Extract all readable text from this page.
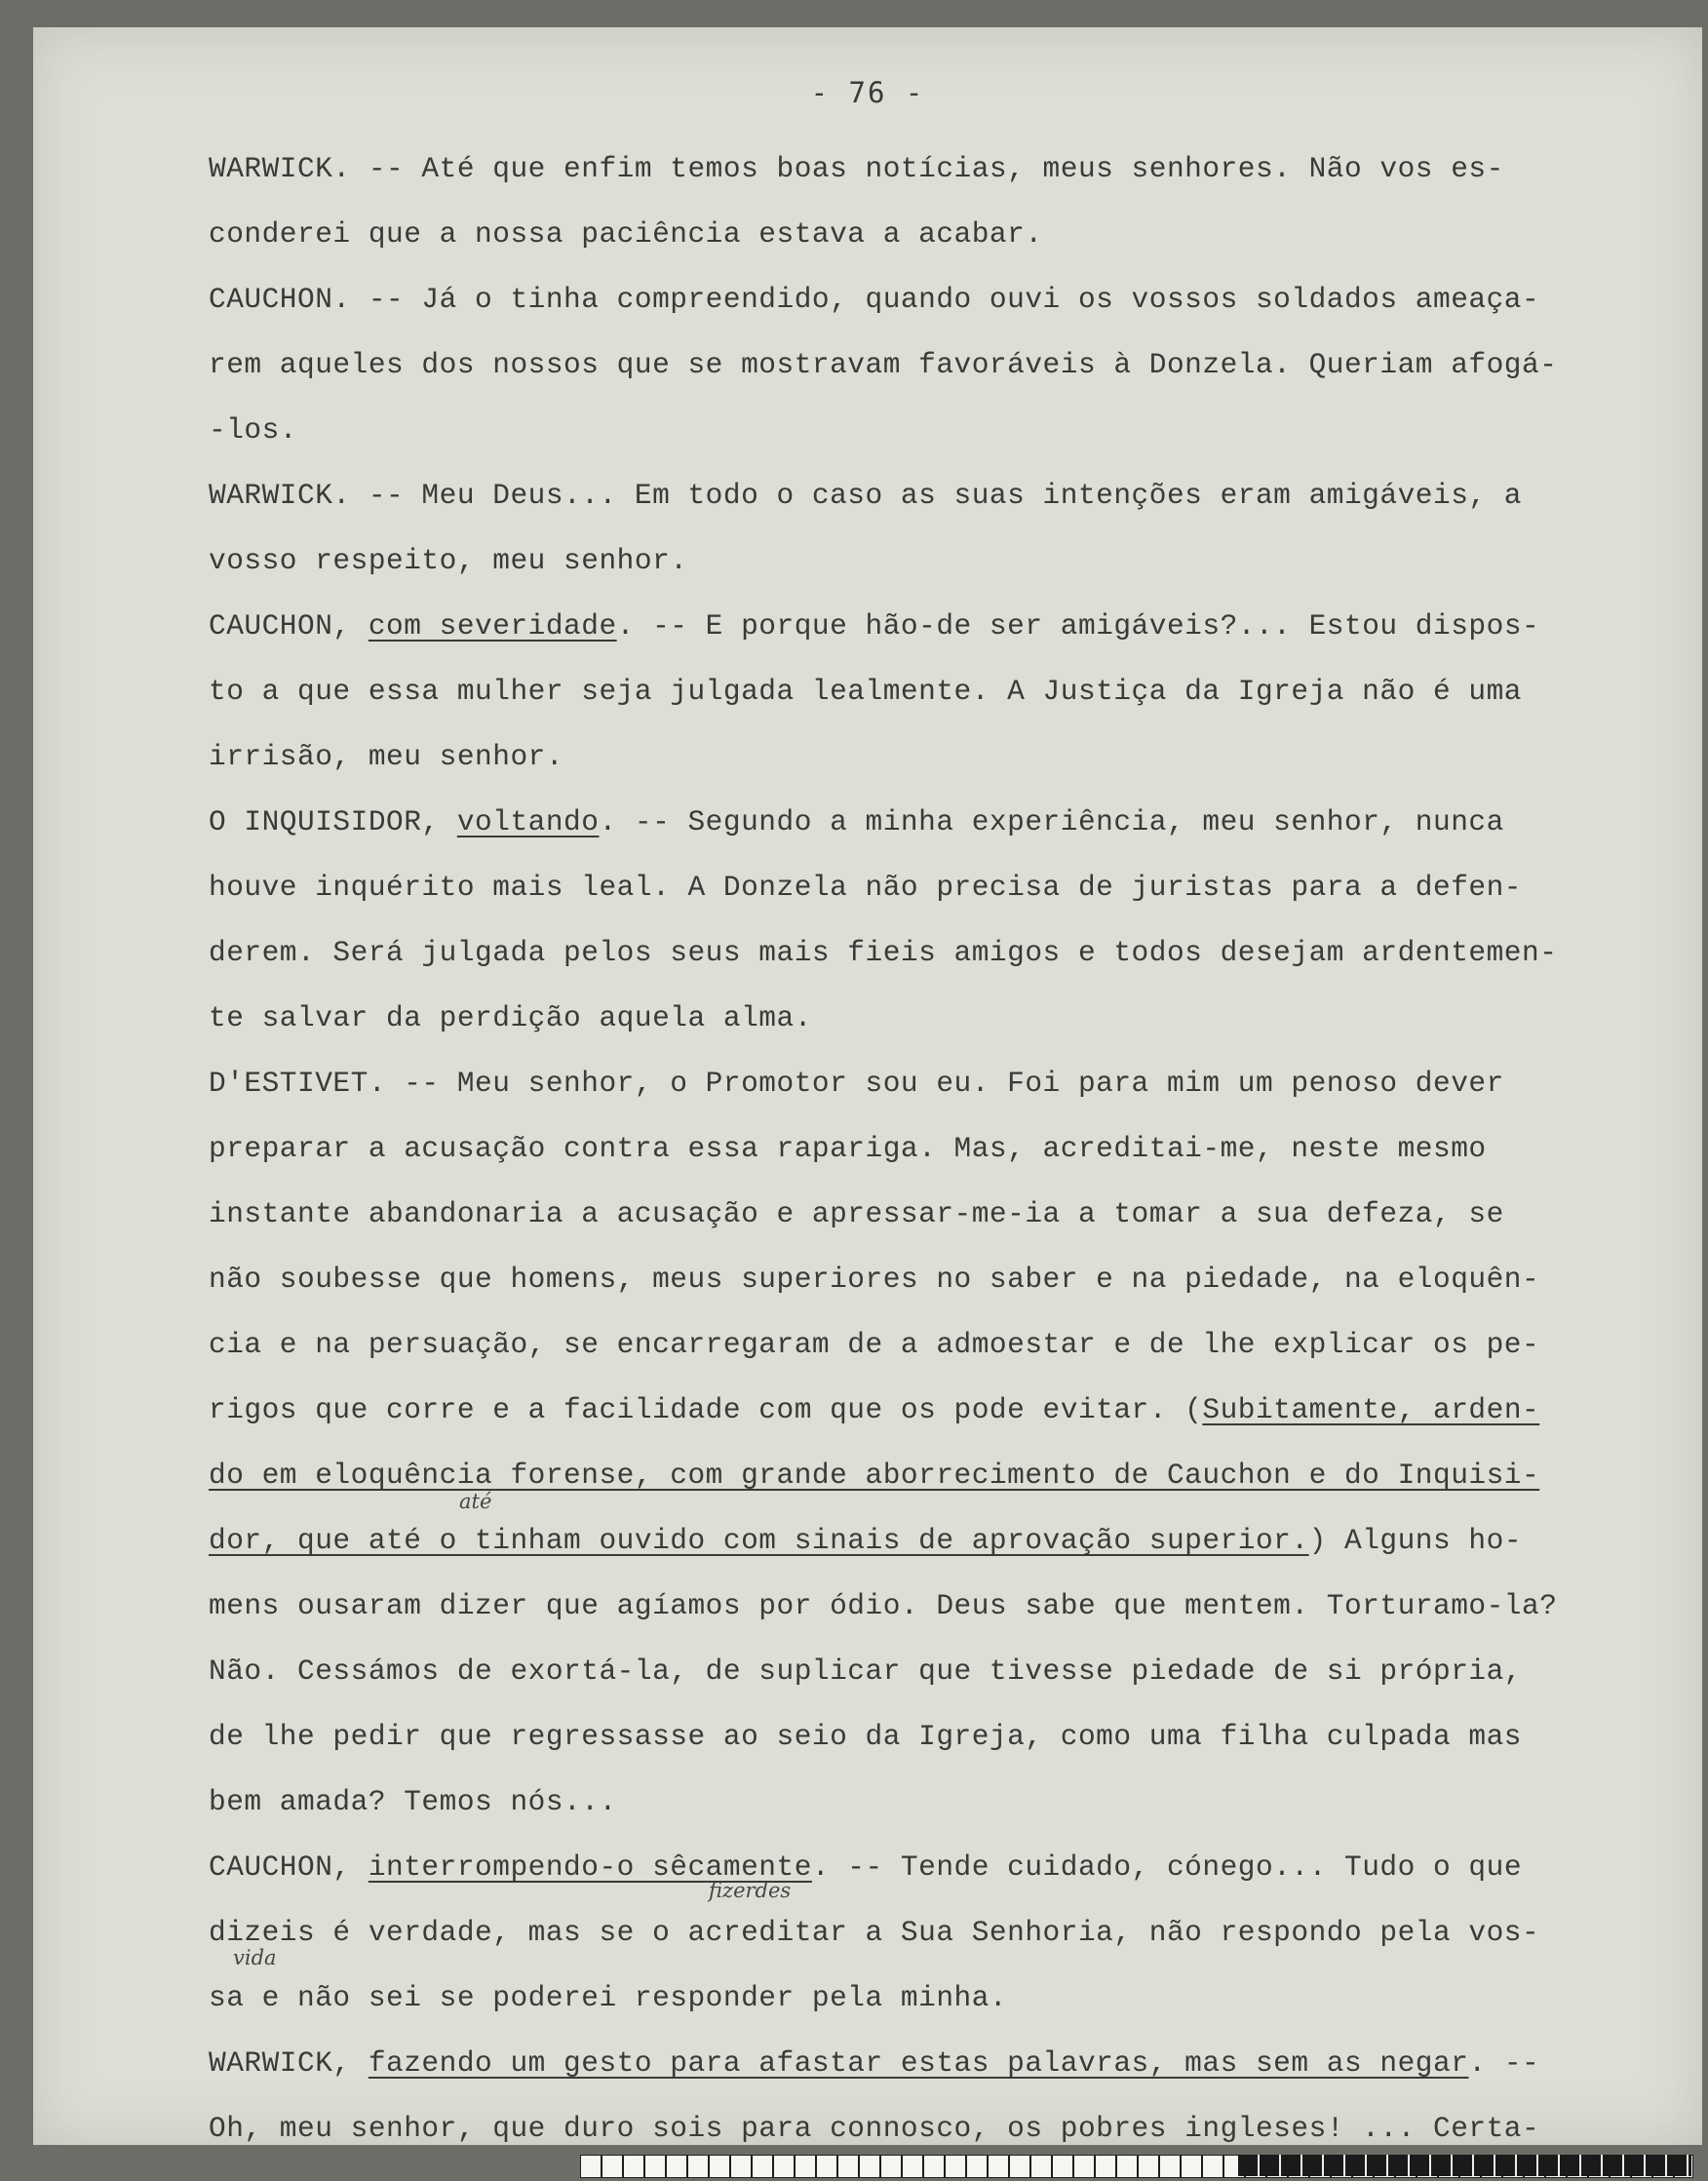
- 76 -
até
fizerdes
vida

WARWICK. -- Até que enfim temos boas notícias, meus senhores. Não vos es-

conderei que a nossa paciência estava a acabar.

CAUCHON. -- Já o tinha compreendido, quando ouvi os vossos soldados ameaça-

rem aqueles dos nossos que se mostravam favoráveis à Donzela. Queriam afogá-

-los.

WARWICK. -- Meu Deus... Em todo o caso as suas intenções eram amigáveis, a

vosso respeito, meu senhor.

CAUCHON, com severidade. -- E porque hão-de ser amigáveis?... Estou dispos-

to a que essa mulher seja julgada lealmente. A Justiça da Igreja não é uma

irrisão, meu senhor.

O INQUISIDOR, voltando. -- Segundo a minha experiência, meu senhor, nunca

houve inquérito mais leal. A Donzela não precisa de juristas para a defen-

derem. Será julgada pelos seus mais fieis amigos e todos desejam ardentemen-

te salvar da perdição aquela alma.

D'ESTIVET. -- Meu senhor, o Promotor sou eu. Foi para mim um penoso dever

preparar a acusação contra essa rapariga. Mas, acreditai-me, neste mesmo

instante abandonaria a acusação e apressar-me-ia a tomar a sua defeza, se

não soubesse que homens, meus superiores no saber e na piedade, na eloquên-

cia e na persuação, se encarregaram de a admoestar e de lhe explicar os pe-

rigos que corre e a facilidade com que os pode evitar. (Subitamente, arden-

do em eloquência forense, com grande aborrecimento de Cauchon e do Inquisi-

dor, que até o tinham ouvido com sinais de aprovação superior.) Alguns ho-

mens ousaram dizer que agíamos por ódio. Deus sabe que mentem. Torturamo-la?

Não. Cessámos de exortá-la, de suplicar que tivesse piedade de si própria,

de lhe pedir que regressasse ao seio da Igreja, como uma filha culpada mas

bem amada? Temos nós...

CAUCHON, interrompendo-o sêcamente. -- Tende cuidado, cónego... Tudo o que

dizeis é verdade, mas se o acreditar a Sua Senhoria, não respondo pela vos-

sa e não sei se poderei responder pela minha.

WARWICK, fazendo um gesto para afastar estas palavras, mas sem as negar. --

Oh, meu senhor, que duro sois para connosco, os pobres ingleses! ... Certa-
